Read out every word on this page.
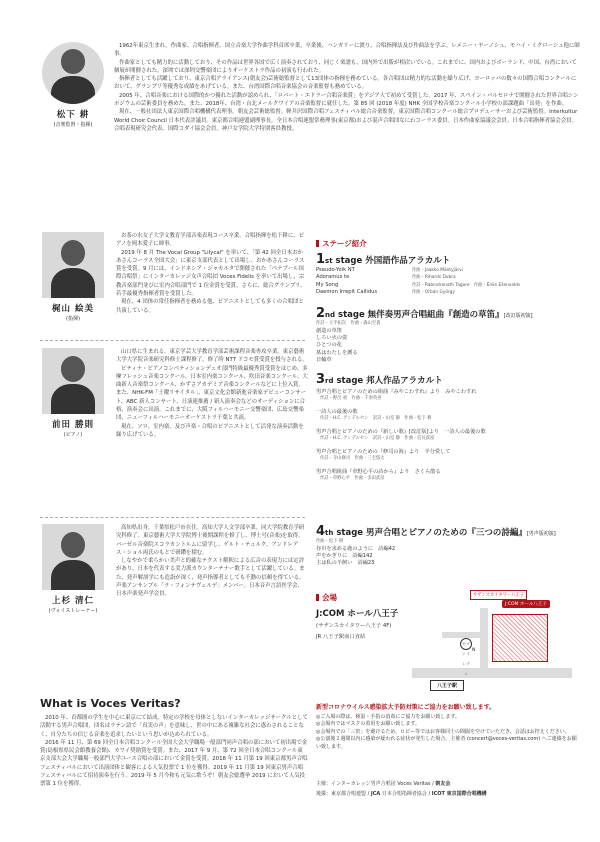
©大 川 隆
松下 耕
(音楽監督・指揮)

1962年東京生まれ。作曲家、合唱指揮者。国立音楽大学作曲学科首席卒業。卒業後、ハンガリーに渡り、合唱指揮法及び作曲法を学ぶ。レメニー・ヤーノシュ、モハイ・ミクローシュ他に師事。

作曲家としても精力的に活動しており、その作品は世界各国で広く演奏されており、同じく楽譜も、国内外で出版が相次いでいる。これまでに、国内およびボーランド、中国、台湾において個展が開催された。深圳では深圳交響楽団によりオーケストラ作品の初演も行われた。

指揮者としても活躍しており、東京合唱アライアンス(朝友会)芸術総監督として13団体の指揮を務めている。各合唱団は精力的な活動を繰り広げ、ヨーロッパの数々の国際合唱コンクールにおいて、グランプリ等優秀な成績をあげている。また、台湾国際合唱音楽協会の音楽監督も務めている。

2005 年、合唱音楽における国際的かつ優れた活動が認められ、「ロバート・エドラー合唱音楽賞」をアジア人で初めて受賞した。2017 年、スペイン・バルセロナで開催された世界合唱シンポジウムの芸術委員を務めた。また、2018年、台湾・台北メールクワイアの音楽監督に就任した。第 85 回 (2018 年度) NHK 全国学校音楽コンクール小学校の部課題曲「出発」を作曲。

現在、一般社団法人東京国際合唱機構代表理事。朝友会芸術総監督。軽井沢国際合唱フェスティバル総合音楽監督。東京国際合唱コンクール総合プロデューサーおよび芸術監督。Interkultur World Choir Council 日本代表評議員。東京都合唱連盟副理事長。全日本合唱連盟常務理事(東京都)および混声合唱団なにわコーラス委員。日本作曲家協議会会員。日本合唱指揮者協会会員。合唱表現研究会代表。国際コダイ協会会員。神戸女学院大学特別客員教授。

梶山 絵美
(指揮)

お茶の水女子大学文教育学部音楽表現コース卒業。合唱指揮を松下耕に、ピアノを岡本愛子に師事。

2019 年 8 月 The Vocal Group "Lilycal" を率いて、「第 42 回全日本おかあさんコーラス全国大会」に東京支部代表として出場し、おかあさんコーラス賞を受賞。9 月には、インドネシア・ジャカルタで開催された「ペナブール国際合唱祭」にインターカレッジ女声合唱団 Voces Fidelis を率いて出場し、宗教音楽部門並びに室内合唱部門で 1 位金賞を受賞、さらに、総合グランプリ、若手最優秀指揮者賞を受賞した。

現在、4 団体の常任指揮者を務める他、ピアニストとしても多くの合唱団と共演している。

前田 勝則
(ピアノ)

山口県に生まれる。東京学芸大学教育学部芸術課程音楽専攻卒業。東京藝術大学大学院音楽研究科修士課程修了。修了時 NTT ドコモ賞受賞を授与される。

ピティナ・ピアノコンペティションデュオ部門特級最優秀賞受賞をはじめ、多摩フレッシュ音楽コンクール、日本室内楽コンクール、吹田音楽コンクール、大曲新人音楽祭コンクール、かずさアカデミア音楽コンクールなどに上位入賞。また、NHK-FM「土曜リサイタル」、東京文化会館新進音楽家デビューコンサート、ABC 新人コンサート、日演連推薦 / 新人演奏会などのオーディションに合格、演奏会に出演。これまでに、大阪フィルハーモニー交響楽団、広島交響楽団、ニューフィルハーモニーオーケストラ千葉と共演。

現在、ソロ、室内楽、及び声楽・合唱のピアニストとして活発な演奏活動を繰り広げている。

上杉 清仁
(ヴォイストレーナー)

高知県出身。千葉県松戸市在住。高知大学人文学部卒業。同大学院教育学研究科修了。東京藝術大学大学院博士後期課程を修了し、博士号(音楽)を取得。バーゼル音楽院スコラカントルムに留学し、ゲルト・テュルク、アンドレアス・ショル両氏のもとで研鑽を積む。

しなやかで柔らかい美声と的確なテクスト解釈による広音の表現力には定評があり、日本を代表する実力派カウンターテナー歌手として活躍している。また、発声解剖学にも造詣が深く、発声指導者としても不動の信頼を得ている。声楽アンサンブル「ラ・フォンテヴェルデ」メンバー。日本音声言語医学会、日本声楽発声学会員。

What is Voces Veritas?

2010 年、首都圏の学生を中心に東京にて結成。特定の学校を母体としないインターカレッジサークルとして活動する男声合唱団。団名はラテン語で「真実の声」を意味し、世の中にある複雑な社会に惑わされることなく、自分たちの信じる音楽を追求したいという思いが込められている。

2016 年 11 月、第 69 回全日本合唱コンクール全国大会大学職場一般部門同声合唱の部において初出場で金賞(島根県県民会館教養会館)、カワイ奨励賞を受賞。また、2017 年 9 月、第 72 回全日本合唱コンクール東京支部大会大学職場一般部門大学ユース合唱の部において金賞を受賞。2018 年 11 月第 19 回東京都男声合唱フェスティバルにおいて出演団体と観客による人気投票で 1 位を獲得。2019 年 11 月第 19 回東京男声合唱フェスティバルにて招待演奏を行う。2019 年 5 月今和も元気に歌うぞ！朝友会総選挙 2019 において人気投票第 1 位を獲得。

ステージ紹介
1st stage 外国語作品アラカルト
Pseudo-Yoik NT	作曲・Jaakko Mäntyjärvi
Adoramus te	作曲・Rihards Dubra
My Song	作詩・Rabindranath Tagore　作曲・Ēriks Ešenvalds
Daemon Irrepit Callidus	作曲・Orbán György
2nd stage 無伴奏男声合唱組曲『創造の草笛』[改訂版初演]
作詩・大手拓次　作曲・森山至貴
創造の草笛
しろい火の姿
ひとつの花
墓はわたしを護る
日輪草
3rd stage 邦人作品アラカルト
男声合唱とピアノのための組曲『みやこわすれ』より　みやこわすれ
作詩・野呂 昶　作曲・千原英喜
一詩人の最後の歌
作詩・H.C. アンデルセン　訳詩・山室 静　作曲・松下 耕
男声合唱とピアノのための『新しい歌』[改訂版]より　一詩人の最後の歌
作詩・H.C. アンデルセン　訳詩・山室 静　作曲・信長貴富
男声合唱とピアノのための『修司の海』より　半分愛して
作詩・寺山修司　作曲・三宅悠太
男声合唱組曲『草野心平の詩から』より　さくら散る
作詩・草野心平　作曲・多田武彦
4th stage 男声合唱とピアノのための『三つの詩編』[男声版初演]
作曲・松下 耕
谷川を求める鹿のように　詩編42
声をかぎりに　詩編142
主は私の羊飼い　詩編23
会場
J:COM ホール八王子
(サザンスカイタワー八王子 4F)
JR 八王子駅南口直結
サザンスカイタワー八王子
J:COM ホール八王子
セブン イレブン
八王子駅
N
新型コロナウイルス感染拡大予防対策にご協力をお願い致します。
◎ご入場の際は、検温・手指の消毒にご協力をお願い致します。
◎会場内ではマスクの着用をお願い致します。
◎会場内での「三密」を避けるため、ロビー等ではお客様同士の間隔を空けていただき、会話はお控えください。
◎公演後２週間以内に感染が疑われる症状が発生した場合、主催者 (concert@voces-veritas.com) へご連絡をお願い致します。
主催：インターカレッジ男声合唱団 Voces Veritas / 朝友会
後援：東京都合唱連盟 / JCA 日本合唱指揮者協会 / ICOT 東京国際合唱機構
